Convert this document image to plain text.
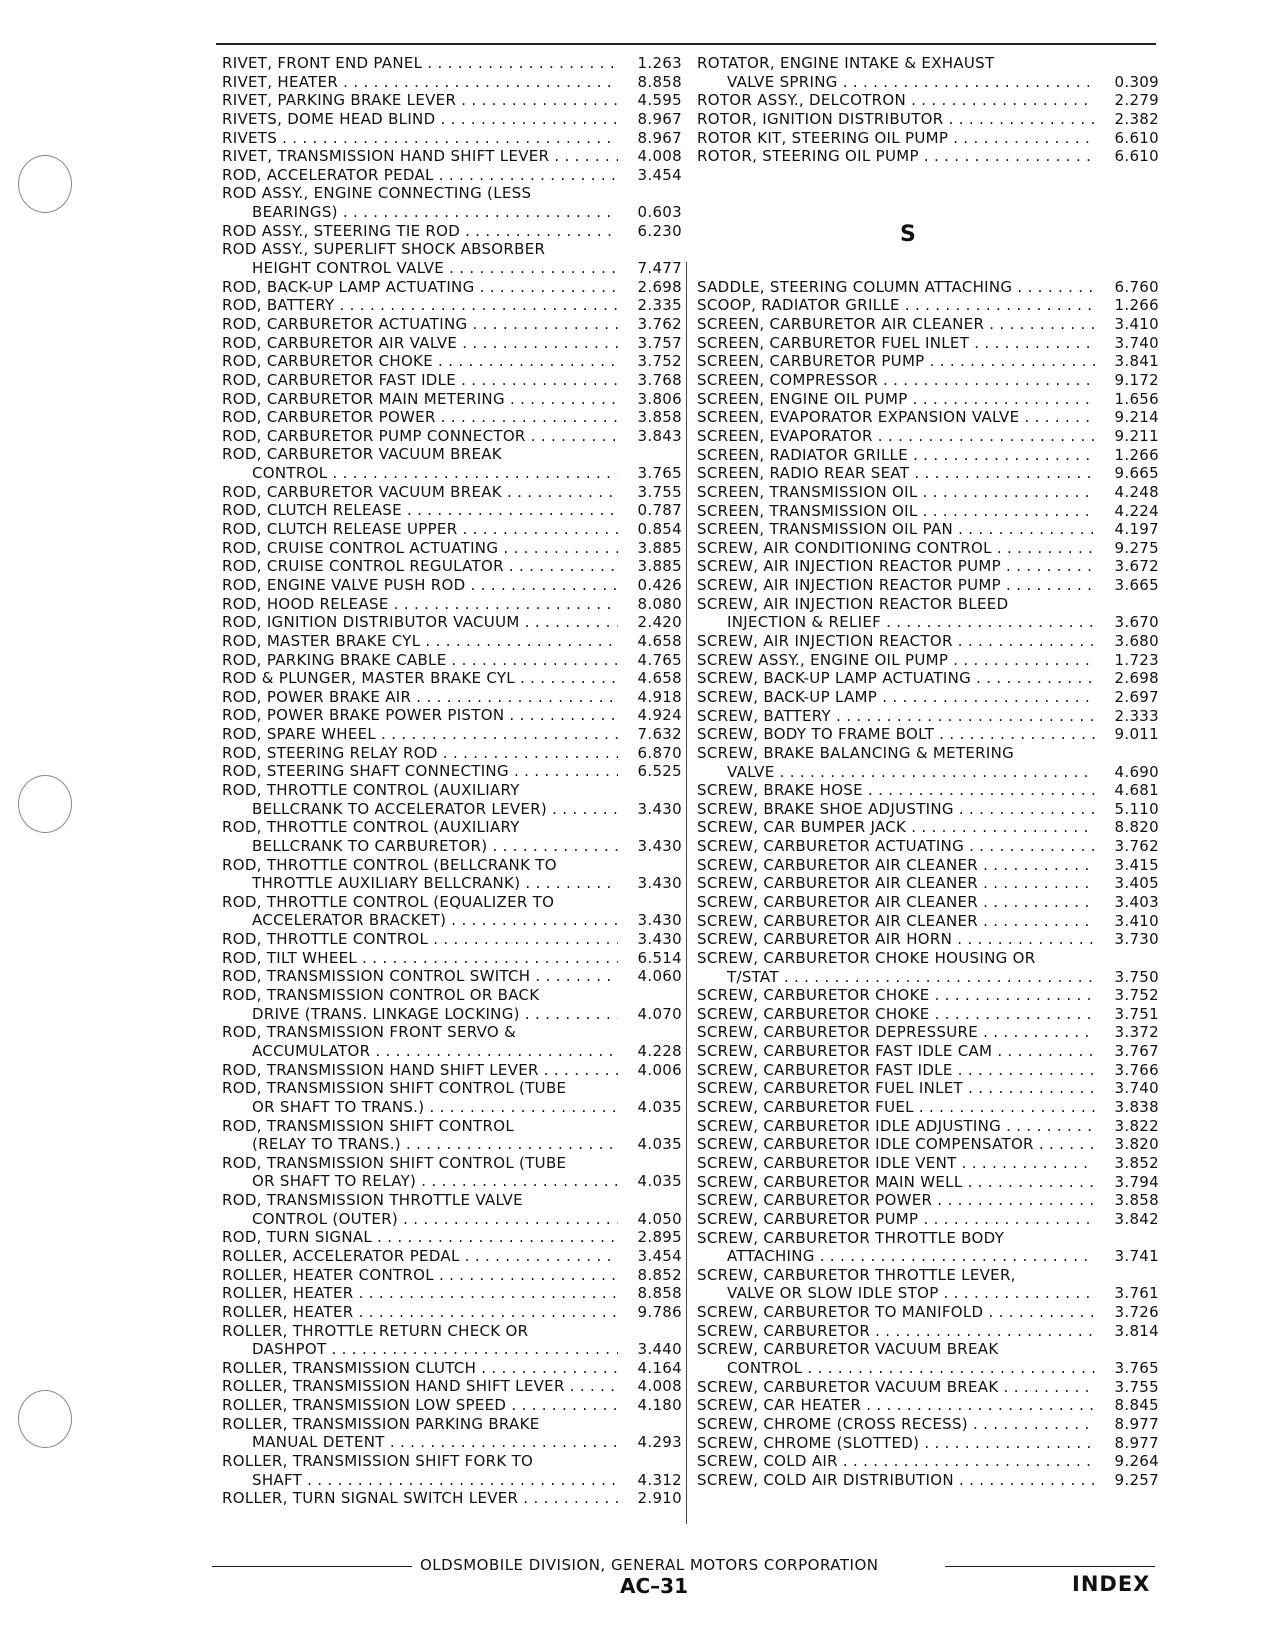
RIVET, FRONT END PANEL . . .	1.263
RIVET, HEATER . . .	8.858
RIVET, PARKING BRAKE LEVER . . .	4.595
RIVETS, DOME HEAD BLIND . . .	8.967
RIVETS . . .	8.967
RIVET, TRANSMISSION HAND SHIFT LEVER . . .	4.008
ROD, ACCELERATOR PEDAL . . .	3.454
ROD ASSY., ENGINE CONNECTING (LESS
BEARINGS) . . .	0.603
ROD ASSY., STEERING TIE ROD . . .	6.230
ROD ASSY., SUPERLIFT SHOCK ABSORBER
HEIGHT CONTROL VALVE . . .	7.477
ROD, BACK-UP LAMP ACTUATING . . .	2.698
ROD, BATTERY . . .	2.335
ROD, CARBURETOR ACTUATING . . .	3.762
ROD, CARBURETOR AIR VALVE . . .	3.757
ROD, CARBURETOR CHOKE . . .	3.752
ROD, CARBURETOR FAST IDLE . . .	3.768
ROD, CARBURETOR MAIN METERING . . .	3.806
ROD, CARBURETOR POWER . . .	3.858
ROD, CARBURETOR PUMP CONNECTOR . . .	3.843
ROD, CARBURETOR VACUUM BREAK
CONTROL . . .	3.765
ROD, CARBURETOR VACUUM BREAK . . .	3.755
ROD, CLUTCH RELEASE . . .	0.787
ROD, CLUTCH RELEASE UPPER . . .	0.854
ROD, CRUISE CONTROL ACTUATING . . .	3.885
ROD, CRUISE CONTROL REGULATOR . . .	3.885
ROD, ENGINE VALVE PUSH ROD . . .	0.426
ROD, HOOD RELEASE . . .	8.080
ROD, IGNITION DISTRIBUTOR VACUUM . . .	2.420
ROD, MASTER BRAKE CYL . . .	4.658
ROD, PARKING BRAKE CABLE . . .	4.765
ROD & PLUNGER, MASTER BRAKE CYL . . .	4.658
ROD, POWER BRAKE AIR . . .	4.918
ROD, POWER BRAKE POWER PISTON . . .	4.924
ROD, SPARE WHEEL . . .	7.632
ROD, STEERING RELAY ROD . . .	6.870
ROD, STEERING SHAFT CONNECTING . . .	6.525
ROD, THROTTLE CONTROL (AUXILIARY
BELLCRANK TO ACCELERATOR LEVER) . . .	3.430
ROD, THROTTLE CONTROL (AUXILIARY
BELLCRANK TO CARBURETOR) . . .	3.430
ROD, THROTTLE CONTROL (BELLCRANK TO
THROTTLE AUXILIARY BELLCRANK) . . .	3.430
ROD, THROTTLE CONTROL (EQUALIZER TO
ACCELERATOR BRACKET) . . .	3.430
ROD, THROTTLE CONTROL . . .	3.430
ROD, TILT WHEEL . . .	6.514
ROD, TRANSMISSION CONTROL SWITCH . . .	4.060
ROD, TRANSMISSION CONTROL OR BACK
DRIVE (TRANS. LINKAGE LOCKING) . . .	4.070
ROD, TRANSMISSION FRONT SERVO &
ACCUMULATOR . . .	4.228
ROD, TRANSMISSION HAND SHIFT LEVER . . .	4.006
ROD, TRANSMISSION SHIFT CONTROL (TUBE
OR SHAFT TO TRANS.) . . .	4.035
ROD, TRANSMISSION SHIFT CONTROL
(RELAY TO TRANS.) . . .	4.035
ROD, TRANSMISSION SHIFT CONTROL (TUBE
OR SHAFT TO RELAY) . . .	4.035
ROD, TRANSMISSION THROTTLE VALVE
CONTROL (OUTER) . . .	4.050
ROD, TURN SIGNAL . . .	2.895
ROLLER, ACCELERATOR PEDAL . . .	3.454
ROLLER, HEATER CONTROL . . .	8.852
ROLLER, HEATER . . .	8.858
ROLLER, HEATER . . .	9.786
ROLLER, THROTTLE RETURN CHECK OR
DASHPOT . . .	3.440
ROLLER, TRANSMISSION CLUTCH . . .	4.164
ROLLER, TRANSMISSION HAND SHIFT LEVER . . .	4.008
ROLLER, TRANSMISSION LOW SPEED . . .	4.180
ROLLER, TRANSMISSION PARKING BRAKE
MANUAL DETENT . . .	4.293
ROLLER, TRANSMISSION SHIFT FORK TO
SHAFT . . .	4.312
ROLLER, TURN SIGNAL SWITCH LEVER . . .	2.910
ROTATOR, ENGINE INTAKE & EXHAUST
VALVE SPRING . . .	0.309
ROTOR ASSY., DELCOTRON . . .	2.279
ROTOR, IGNITION DISTRIBUTOR . . .	2.382
ROTOR KIT, STEERING OIL PUMP . . .	6.610
ROTOR, STEERING OIL PUMP . . .	6.610
SADDLE, STEERING COLUMN ATTACHING . . .	6.760
SCOOP, RADIATOR GRILLE . . .	1.266
SCREEN, CARBURETOR AIR CLEANER . . .	3.410
SCREEN, CARBURETOR FUEL INLET . . .	3.740
SCREEN, CARBURETOR PUMP . . .	3.841
SCREEN, COMPRESSOR . . .	9.172
SCREEN, ENGINE OIL PUMP . . .	1.656
SCREEN, EVAPORATOR EXPANSION VALVE . . .	9.214
SCREEN, EVAPORATOR . . .	9.211
SCREEN, RADIATOR GRILLE . . .	1.266
SCREEN, RADIO REAR SEAT . . .	9.665
SCREEN, TRANSMISSION OIL . . .	4.248
SCREEN, TRANSMISSION OIL . . .	4.224
SCREEN, TRANSMISSION OIL PAN . . .	4.197
SCREW, AIR CONDITIONING CONTROL . . .	9.275
SCREW, AIR INJECTION REACTOR PUMP . . .	3.672
SCREW, AIR INJECTION REACTOR PUMP . . .	3.665
SCREW, AIR INJECTION REACTOR BLEED
INJECTION & RELIEF . . .	3.670
SCREW, AIR INJECTION REACTOR . . .	3.680
SCREW ASSY., ENGINE OIL PUMP . . .	1.723
SCREW, BACK-UP LAMP ACTUATING . . .	2.698
SCREW, BACK-UP LAMP . . .	2.697
SCREW, BATTERY . . .	2.333
SCREW, BODY TO FRAME BOLT . . .	9.011
SCREW, BRAKE BALANCING & METERING
VALVE . . .	4.690
SCREW, BRAKE HOSE . . .	4.681
SCREW, BRAKE SHOE ADJUSTING . . .	5.110
SCREW, CAR BUMPER JACK . . .	8.820
SCREW, CARBURETOR ACTUATING . . .	3.762
SCREW, CARBURETOR AIR CLEANER . . .	3.415
SCREW, CARBURETOR AIR CLEANER . . .	3.405
SCREW, CARBURETOR AIR CLEANER . . .	3.403
SCREW, CARBURETOR AIR CLEANER . . .	3.410
SCREW, CARBURETOR AIR HORN . . .	3.730
SCREW, CARBURETOR CHOKE HOUSING OR
T/STAT . . .	3.750
SCREW, CARBURETOR CHOKE . . .	3.752
SCREW, CARBURETOR CHOKE . . .	3.751
SCREW, CARBURETOR DEPRESSURE . . .	3.372
SCREW, CARBURETOR FAST IDLE CAM . . .	3.767
SCREW, CARBURETOR FAST IDLE . . .	3.766
SCREW, CARBURETOR FUEL INLET . . .	3.740
SCREW, CARBURETOR FUEL . . .	3.838
SCREW, CARBURETOR IDLE ADJUSTING . . .	3.822
SCREW, CARBURETOR IDLE COMPENSATOR . . .	3.820
SCREW, CARBURETOR IDLE VENT . . .	3.852
SCREW, CARBURETOR MAIN WELL . . .	3.794
SCREW, CARBURETOR POWER . . .	3.858
SCREW, CARBURETOR PUMP . . .	3.842
SCREW, CARBURETOR THROTTLE BODY
ATTACHING . . .	3.741
SCREW, CARBURETOR THROTTLE LEVER,
VALVE OR SLOW IDLE STOP . . .	3.761
SCREW, CARBURETOR TO MANIFOLD . . .	3.726
SCREW, CARBURETOR . . .	3.814
SCREW, CARBURETOR VACUUM BREAK
CONTROL . . .	3.765
SCREW, CARBURETOR VACUUM BREAK . . .	3.755
SCREW, CAR HEATER . . .	8.845
SCREW, CHROME (CROSS RECESS) . . .	8.977
SCREW, CHROME (SLOTTED) . . .	8.977
SCREW, COLD AIR . . .	9.264
SCREW, COLD AIR DISTRIBUTION . . .	9.257
S
OLDSMOBILE DIVISION, GENERAL MOTORS CORPORATION
AC–31	INDEX
